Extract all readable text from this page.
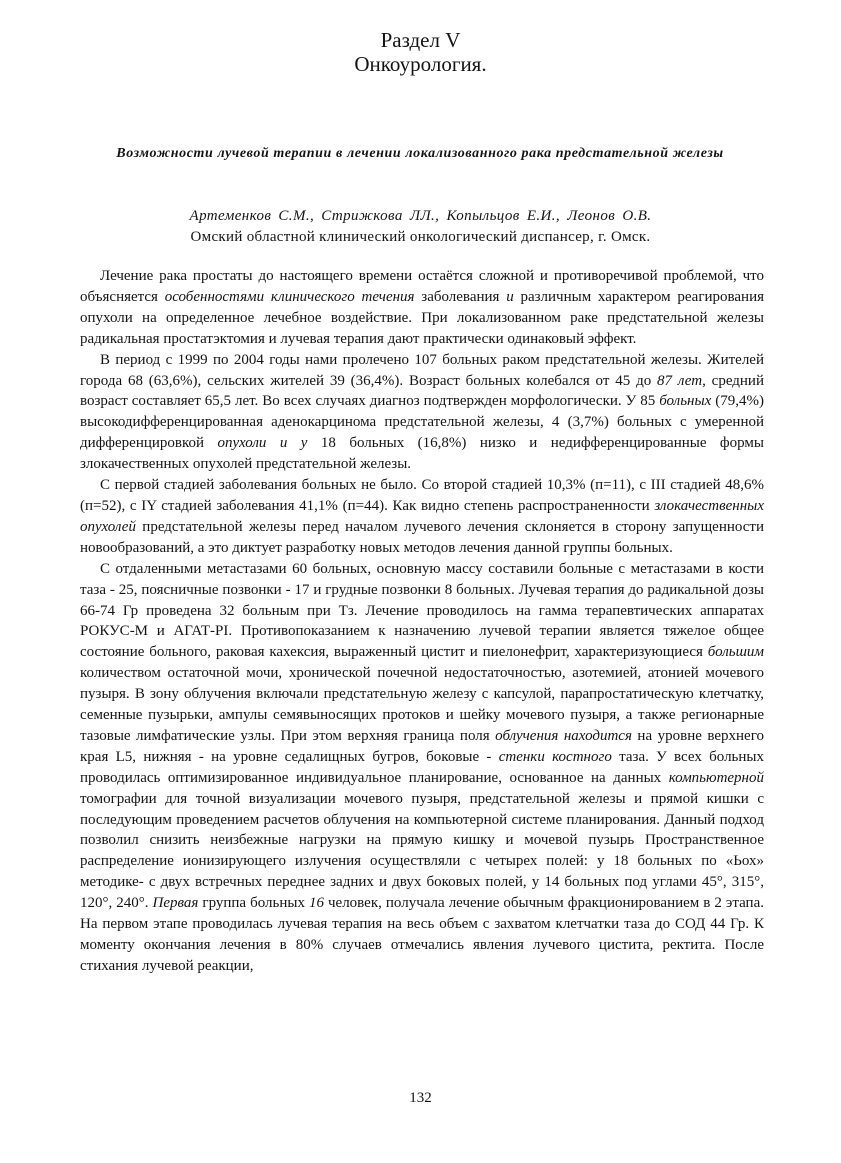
Раздел V
Онкоурология.
Возможности лучевой терапии в лечении локализованного рака предстательной железы
Артеменков С.М., Стрижкова ЛЛ., Копыльцов Е.И., Леонов О.В.
Омский областной клинический онкологический диспансер, г. Омск.

Лечение рака простаты до настоящего времени остаётся сложной и противоречивой проблемой, что объясняется особенностями клинического течения заболевания и различным характером реагирования опухоли на определенное лечебное воздействие. При локализованном раке предстательной железы радикальная простатэктомия и лучевая терапия дают практически одинаковый эффект.

В период с 1999 по 2004 годы нами пролечено 107 больных раком предстательной железы. Жителей города 68 (63,6%), сельских жителей 39 (36,4%). Возраст больных колебался от 45 до 87 лет, средний возраст составляет 65,5 лет. Во всех случаях диагноз подтвержден морфологически. У 85 больных (79,4%) высокодифференцированная аденокарцинома предстательной железы, 4 (3,7%) больных с умеренной дифференцировкой опухоли и у 18 больных (16,8%) низко и недифференцированные формы злокачественных опухолей предстательной железы.

С первой стадией заболевания больных не было. Со второй стадией 10,3% (п=11), с III стадией 48,6% (п=52), с IY стадией заболевания 41,1% (п=44). Как видно степень распространенности злокачественных опухолей предстательной железы перед началом лучевого лечения склоняется в сторону запущенности новообразований, а это диктует разработку новых методов лечения данной группы больных.

С отдаленными метастазами 60 больных, основную массу составили больные с метастазами в кости таза - 25, поясничные позвонки - 17 и грудные позвонки 8 больных. Лучевая терапия до радикальной дозы 66-74 Гр проведена 32 больным при Тз. Лечение проводилось на гамма терапевтических аппаратах РОКУС-М и АГАТ-PI. Противопоказанием к назначению лучевой терапии является тяжелое общее состояние больного, раковая кахексия, выраженный цистит и пиелонефрит, характеризующиеся большим количеством остаточной мочи, хронической почечной недостаточностью, азотемией, атонией мочевого пузыря. В зону облучения включали предстательную железу с капсулой, парапростатическую клетчатку, семенные пузырьки, ампулы семявыносящих протоков и шейку мочевого пузыря, а также регионарные тазовые лимфатические узлы. При этом верхняя граница поля облучения находится на уровне верхнего края L5, нижняя - на уровне седалищных бугров, боковые - стенки костного таза. У всех больных проводилась оптимизированное индивидуальное планирование, основанное на данных компьютерной томографии для точной визуализации мочевого пузыря, предстательной железы и прямой кишки с последующим проведением расчетов облучения на компьютерной системе планирования. Данный подход позволил снизить неизбежные нагрузки на прямую кишку и мочевой пузырь Пространственное распределение ионизирующего излучения осуществляли с четырех полей: у 18 больных по «Ьох» методике- с двух встречных переднее задних и двух боковых полей, у 14 больных под углами 45°, 315°, 120°, 240°. Первая группа больных 16 человек, получала лечение обычным фракционированием в 2 этапа. На первом этапе проводилась лучевая терапия на весь объем с захватом клетчатки таза до СОД 44 Гр. К моменту окончания лечения в 80% случаев отмечались явления лучевого цистита, ректита. После стихания лучевой реакции,

132
